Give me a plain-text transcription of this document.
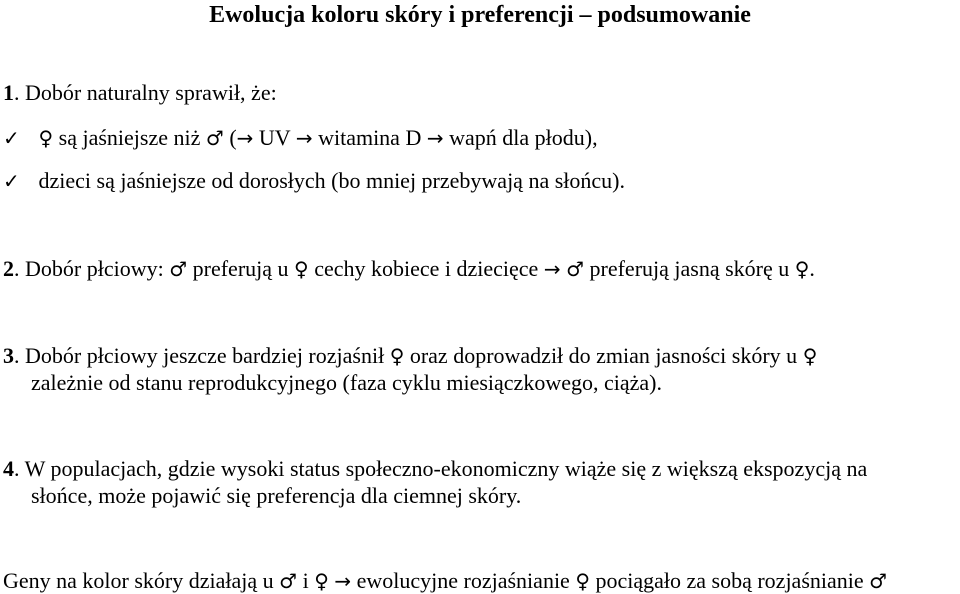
Ewolucja koloru skóry i preferencji – podsumowanie
1. Dobór naturalny sprawił, że:
✓ ♀ są jaśniejsze niż ♂ (→ UV → witamina D → wapń dla płodu),
✓ dzieci są jaśniejsze od dorosłych (bo mniej przebywają na słońcu).
2. Dobór płciowy: ♂ preferują u ♀ cechy kobiece i dziecięce → ♂ preferują jasną skórę u ♀.
3. Dobór płciowy jeszcze bardziej rozjaśnił ♀ oraz doprowadził do zmian jasności skóry u ♀
zależnie od stanu reprodukcyjnego (faza cyklu miesiączkowego, ciąża).
4. W populacjach, gdzie wysoki status społeczno-ekonomiczny wiąże się z większą ekspozycją na
słońce, może pojawić się preferencja dla ciemnej skóry.
Geny na kolor skóry działają u ♂ i ♀ → ewolucyjne rozjaśnianie ♀ pociągało za sobą rozjaśnianie ♂
